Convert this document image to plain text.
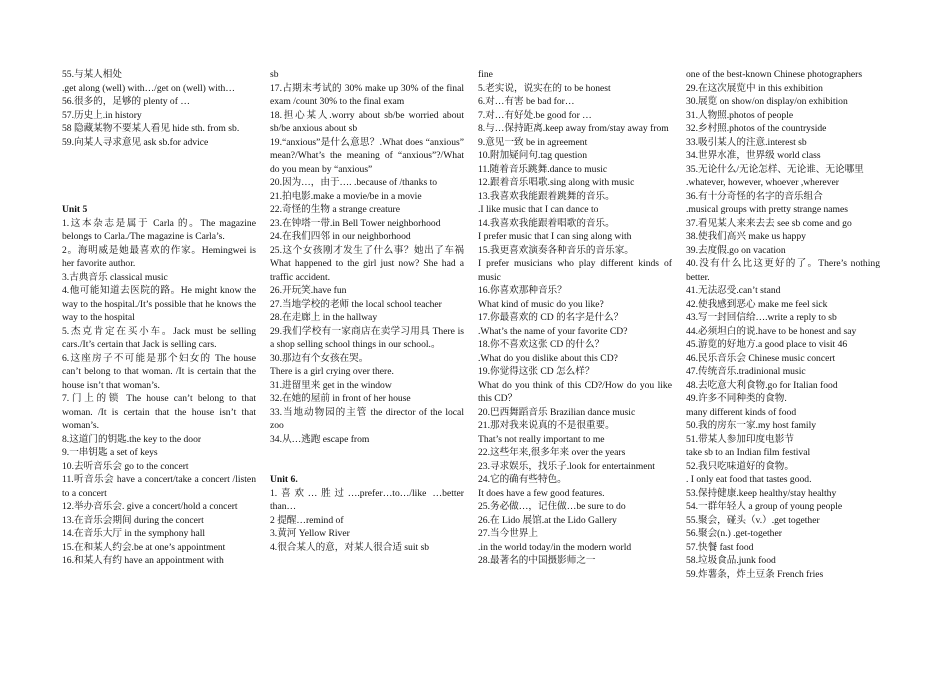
55.与某人相处
.get along (well) with…/get on (well) with…
56.很多的，足够的 plenty of …
57.历史上.in history
58 隐藏某物不要某人看见 hide sth. from sb.
59.向某人寻求意见 ask sb.for advice
Unit 5
1.这本杂志是属于 Carla 的。The magazine belongs to Carla./The magazine is Carla’s.
2。海明威是她最喜欢的作家。Hemingwei is her favorite author.
3.古典音乐 classical music
4.他可能知道去医院的路。He might know the way to the hospital./It’s possible that he knows the way to the hospital
5.杰克肯定在买小车。Jack must be selling cars./It’s certain that Jack is selling cars.
6.这座房子不可能是那个妇女的 The house can’t belong to that woman. /It is certain that the house isn’t that woman’s.
7.门上的锁 The house can’t belong to that woman. /It is certain that the house isn’t that woman’s.
8.这道门的钥匙.the key to the door
9.一串钥匙 a set of keys
10.去听音乐会 go to the concert
11.听音乐会 have a concert/take a concert /listen to a concert
12.举办音乐会. give a concert/hold a concert
13.在音乐会期间 during the concert
14.在音乐大厅 in the symphony hall
15.在和某人约会.be at one’s appointment
16.和某人有约 have an appointment with
sb
17.占期末考试的 30% make up 30% of the final exam /count 30% to the final exam
18.担心某人.worry about sb/be worried about sb/be anxious about sb
19.“anxious”是什么意思？.What does “anxious” mean?/What’s the meaning of “anxious”?/What do you mean by “anxious”
20.因为…，由于…. .because of /thanks to
21.拍电影.make a movie/be in a movie
22.奇怪的生物 a strange creature
23.在钟塔一带.in Bell Tower neighborhood
24.在我们四邻 in our neighborhood
25.这个女孩刚才发生了什么事？她出了车祸 What happened to the girl just now? She had a traffic accident.
26.开玩笑.have fun
27.当地学校的老师 the local school teacher
28.在走廊上 in the hallway
29.我们学校有一家商店在卖学习用具 There is a shop selling school things in our school.。
30.那边有个女孩在哭。
There is a girl crying over there.
31.进留里来 get in the window
32.在她的屋前 in front of her house
33.当地动物园的主管 the director of the local zoo
34.从…逃跑 escape from
Unit 6.
1.喜欢…胜过….prefer…to…/like …better than…
2 提醒…remind of
3.黄河 Yellow River
4.很合某人的意，对某人很合适 suit sb
fine
5.老实说，说实在的 to be honest
6.对…有害 be bad for…
7.对…有好处.be good for …
8.与…保持距离.keep away from/stay away from
9.意见一致 be in agreement
10.附加疑问句.tag question
11.随着音乐跳舞.dance to music
12.跟着音乐唱歌.sing along with music
13.我喜欢我能跟着跳舞的音乐。
.I like music that I can dance to
14.我喜欢我能跟着唱歌的音乐。
I prefer music that I can sing along with
15.我更喜欢演奏各种音乐的音乐家。
I prefer musicians who play different kinds of music
16.你喜欢那种音乐？
What kind of music do you like?
17.你最喜欢的 CD 的名字是什么？
.What’s the name of your favorite CD?
18.你不喜欢这张 CD 的什么？
.What do you dislike about this CD?
19.你觉得这张 CD 怎么样？
What do you think of this CD?/How do you like this CD？
20.巴西舞蹈音乐 Brazilian dance music
21.那对我来说真的不是很重要。
That’s not really important to me
22.这些年来,很多年来 over the years
23.寻求娱乐，找乐子.look for entertainment
24.它的确有些特色。
It does have a few good features.
25.务必做…，记住做…be sure to do
26.在 Lido 展馆.at the Lido Gallery
27.当今世界上
.in the world today/in the modern world
28.最著名的中国摄影师之一
one of the best-known Chinese photographers
29.在这次展览中 in this exhibition
30.展览 on show/on display/on exhibition
31.人物照.photos of people
32.乡村照.photos of the countryside
33.吸引某人的注意.interest sb
34.世界水准，世界级 world class
35.无论什么/无论怎样、无论谁、无论哪里
.whatever, however, whoever ,wherever
36.有十分奇怪的名字的音乐组合
.musical groups with pretty strange names
37.看见某人来来去去 see sb come and go
38.使我们高兴 make us happy
39.去度假.go on vacation
40.没有什么比这更好的了。There’s nothing better.
41.无法忍受.can’t stand
42.使我感到恶心 make me feel sick
43.写一封回信给….write a reply to sb
44.必须坦白的说.have to be honest and say
45.游览的好地方.a good place to visit 46
46.民乐音乐会 Chinese music concert
47.传统音乐.tradinional music
48.去吃意大利食物.go for Italian food
49.许多不同种类的食物.
many different kinds of food
50.我的房东一家.my host family
51.带某人参加印度电影节
take sb to an Indian film festival
52.我只吃味道好的食物。
. I only eat food that tastes good.
53.保持健康.keep healthy/stay healthy
54.一群年轻人 a group of young people
55.聚会，碰头（v.）.get together
56.聚会(n.) .get-together
57.快餐 fast food
58.垃圾食品.junk food
59.炸薯条，炸土豆条 French fries
